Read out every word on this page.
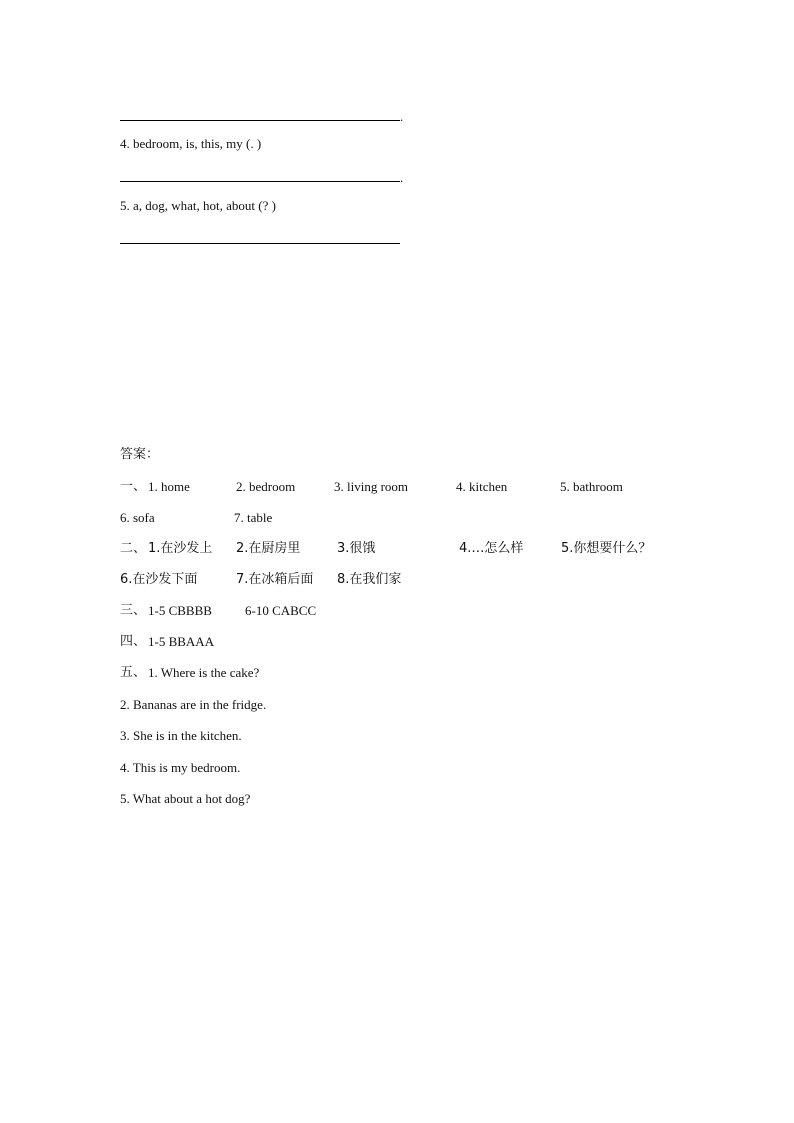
.
4. bedroom, is, this, my (. )
.
5. a, dog, what, hot, about (? )
答案：
一、 1. home	2. bedroom	3. living room	4. kitchen	5. bathroom
6. sofa	7. table
二、 1.在沙发上 2.在厨房里	3.很饿	4.…怎么样	5.你想要什么？
6.在沙发下面	7.在冰箱后面 8.在我们家
三、 1-5 CBBBB	6-10 CABCC
四、 1-5 BBAAA
五、 1. Where is the cake?
2. Bananas are in the fridge.
3. She is in the kitchen.
4. This is my bedroom.
5. What about a hot dog?
